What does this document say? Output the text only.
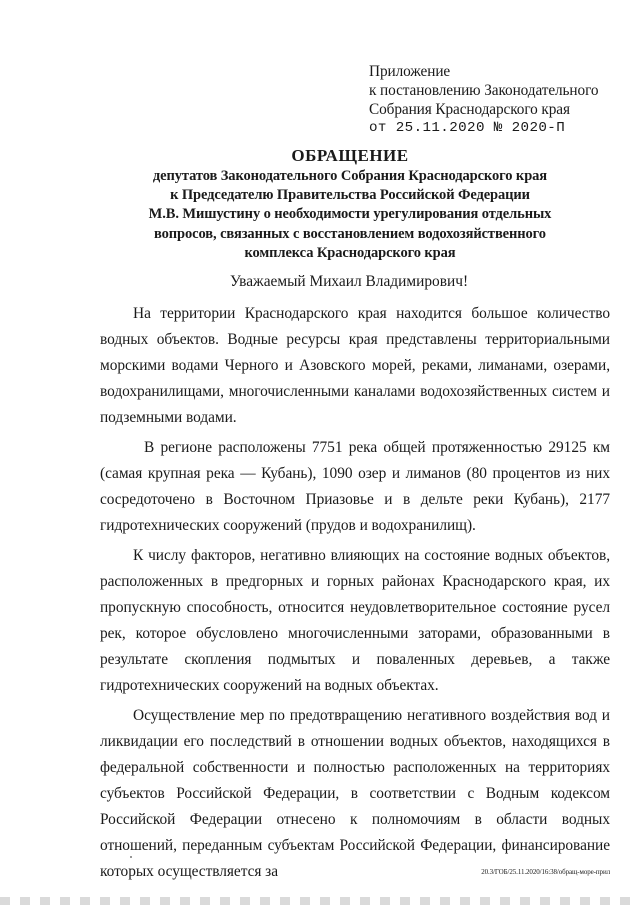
Приложение
к постановлению Законодательного
Собрания Краснодарского края
от 25.11.2020 № 2020-П
ОБРАЩЕНИЕ
депутатов Законодательного Собрания Краснодарского края
к Председателю Правительства Российской Федерации
М.В. Мишустину о необходимости урегулирования отдельных
вопросов, связанных с восстановлением водохозяйственного
комплекса Краснодарского края
Уважаемый Михаил Владимирович!

На территории Краснодарского края находится большое количество водных объектов. Водные ресурсы края представлены территориальными морскими водами Черного и Азовского морей, реками, лиманами, озерами, водохранилищами, многочисленными каналами водохозяйственных систем и подземными водами.

В регионе расположены 7751 река общей протяженностью 29125 км (самая крупная река — Кубань), 1090 озер и лиманов (80 процентов из них сосредоточено в Восточном Приазовье и в дельте реки Кубань), 2177 гидротехнических сооружений (прудов и водохранилищ).

К числу факторов, негативно влияющих на состояние водных объектов, расположенных в предгорных и горных районах Краснодарского края, их пропускную способность, относится неудовлетворительное состояние русел рек, которое обусловлено многочисленными заторами, образованными в результате скопления подмытых и поваленных деревьев, а также гидротехнических сооружений на водных объектах.

Осуществление мер по предотвращению негативного воздействия вод и ликвидации его последствий в отношении водных объектов, находящихся в федеральной собственности и полностью расположенных на территориях субъектов Российской Федерации, в соответствии с Водным кодексом Российской Федерации отнесено к полномочиям в области водных отношений, переданным субъектам Российской Федерации, финансирование которых осуществляется за	20.3/ГОБ/25.11.2020/16:38/обращ-море-прил
